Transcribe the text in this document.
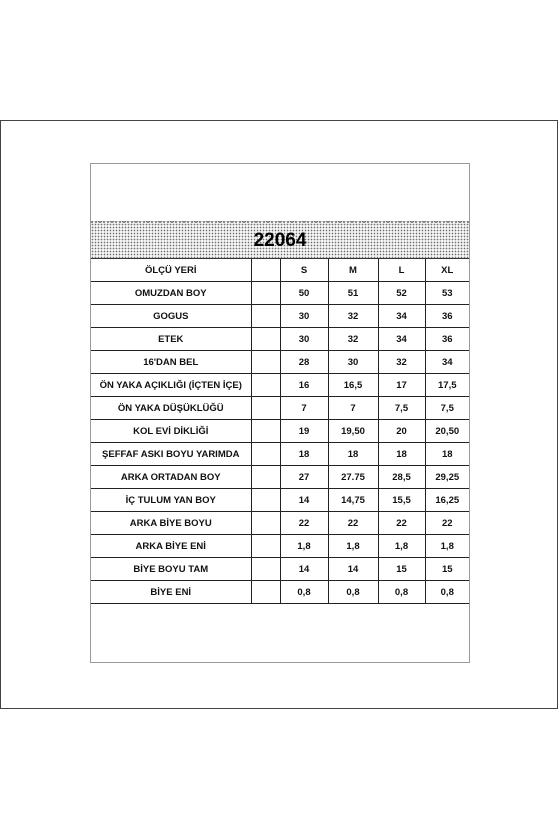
22064
ÖLÇÜ YERİ		S	M	L	XL
OMUZDAN BOY		50	51	52	53
GOGUS		30	32	34	36
ETEK		30	32	34	36
16'DAN BEL		28	30	32	34
ÖN YAKA AÇIKLIĞI (İÇTEN İÇE)		16	16,5	17	17,5
ÖN YAKA DÜŞÜKLÜĞÜ		7	7	7,5	7,5
KOL EVİ DİKLİĞİ		19	19,50	20	20,50
ŞEFFAF ASKI BOYU YARIMDA		18	18	18	18
ARKA ORTADAN BOY		27	27.75	28,5	29,25
İÇ TULUM YAN BOY		14	14,75	15,5	16,25
ARKA BİYE BOYU		22	22	22	22
ARKA BİYE ENİ		1,8	1,8	1,8	1,8
BİYE BOYU TAM		14	14	15	15
BİYE ENİ		0,8	0,8	0,8	0,8
